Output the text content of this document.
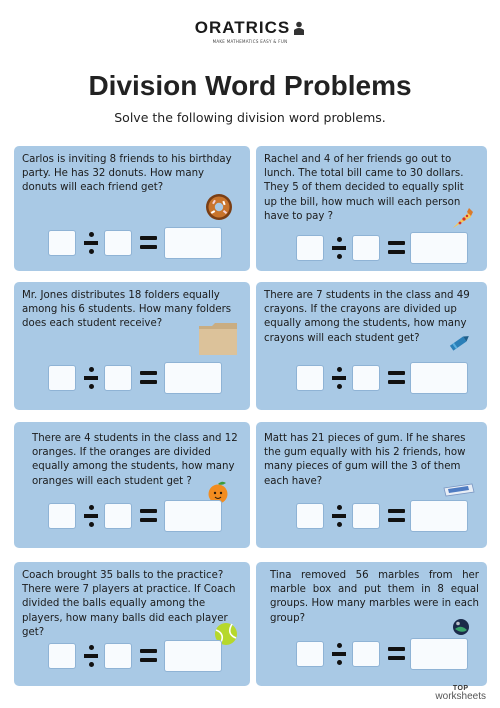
ORATRICS
MAKE MATHEMATICS EASY & FUN
Division Word Problems
Solve the following division word problems.
Carlos is inviting 8 friends to his birthday party. He has 32 donuts. How many donuts will each friend get?
Rachel and 4 of her friends go out to lunch. The total bill came to 30 dollars. They 5 of them decided to equally split up the bill, how much will each person have to pay ?
Mr. Jones distributes 18 folders equally among his 6 students. How many folders does each student receive?
There are 7 students in the class and 49 crayons. If the crayons are divided up equally among the students, how many crayons will each student get?
There are 4 students in the class and 12 oranges. If the oranges are divided equally among the students, how many oranges will each student get ?
Matt has 21 pieces of gum. If he shares the gum equally with his 2 friends, how many pieces of gum will the 3 of them each have?
Coach brought 35 balls to the practice? There were 7 players at practice. If Coach divided the balls equally among the players, how many balls did each player get?
Tina removed 56 marbles from her marble box and put them in 8 equal groups. How many marbles were in each group?
TOP
worksheets
